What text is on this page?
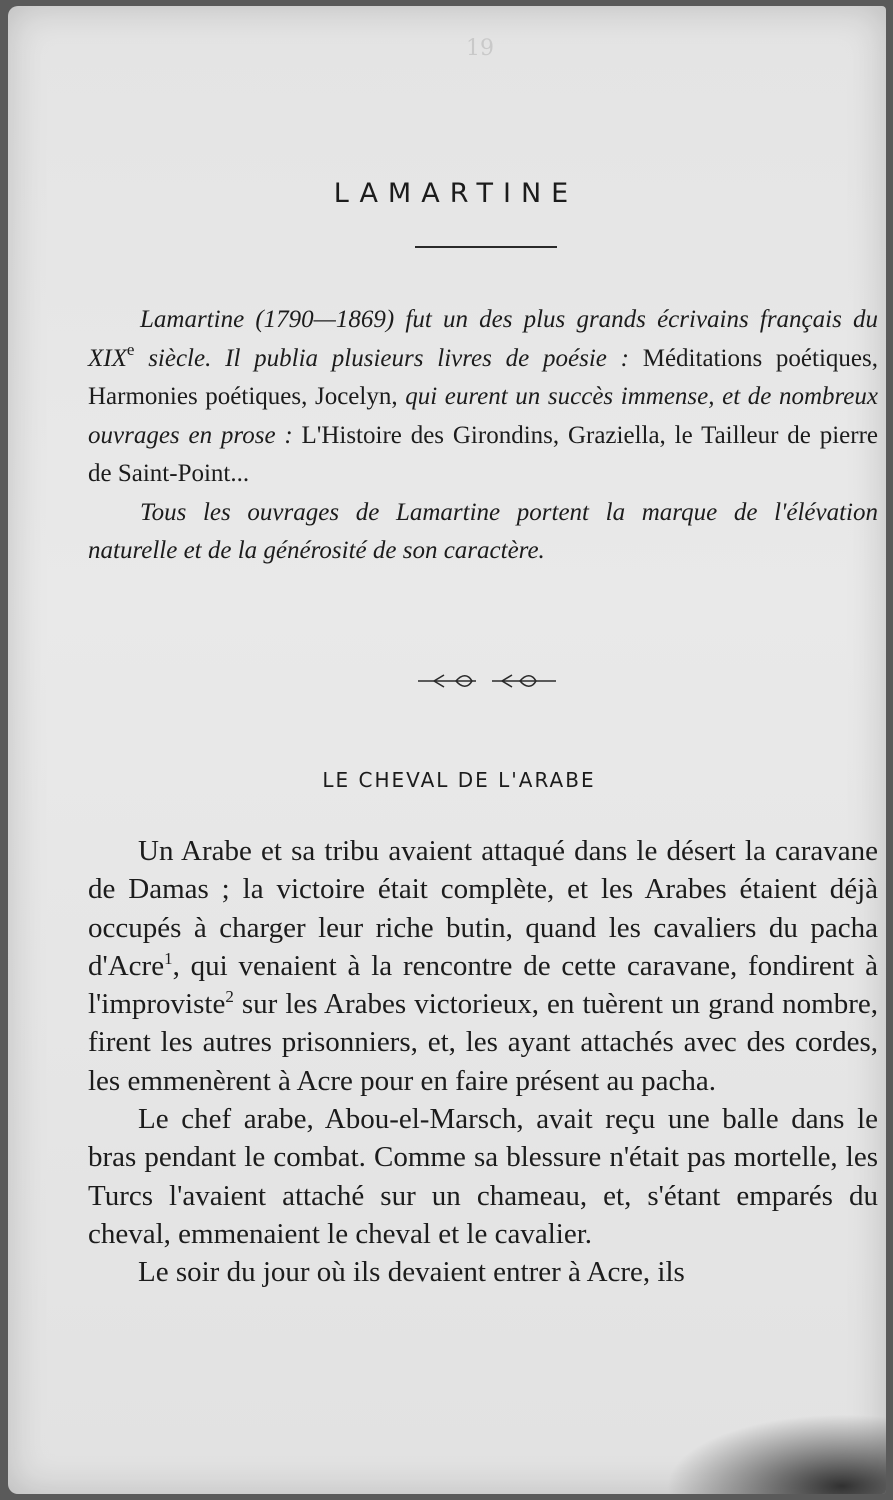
19
LAMARTINE

Lamartine (1790—1869) fut un des plus grands écrivains français du XIXe siècle. Il publia plusieurs livres de poésie : Méditations poétiques, Harmonies poétiques, Jocelyn, qui eurent un succès immense, et de nombreux ouvrages en prose : L'Histoire des Girondins, Graziella, le Tailleur de pierre de Saint-Point...

Tous les ouvrages de Lamartine portent la marque de l'élévation naturelle et de la générosité de son caractère.

LE CHEVAL DE L'ARABE

Un Arabe et sa tribu avaient attaqué dans le désert la caravane de Damas ; la victoire était complète, et les Arabes étaient déjà occupés à charger leur riche butin, quand les cavaliers du pacha d'Acre$^1$, qui venaient à la rencontre de cette caravane, fondirent à l'improviste$^2$ sur les Arabes victorieux, en tuèrent un grand nombre, firent les autres prisonniers, et, les ayant attachés avec des cordes, les emmenèrent à Acre pour en faire présent au pacha.

Le chef arabe, Abou-el-Marsch, avait reçu une balle dans le bras pendant le combat. Comme sa blessure n'était pas mortelle, les Turcs l'avaient attaché sur un chameau, et, s'étant emparés du cheval, emmenaient le cheval et le cavalier.

Le soir du jour où ils devaient entrer à Acre, ils
